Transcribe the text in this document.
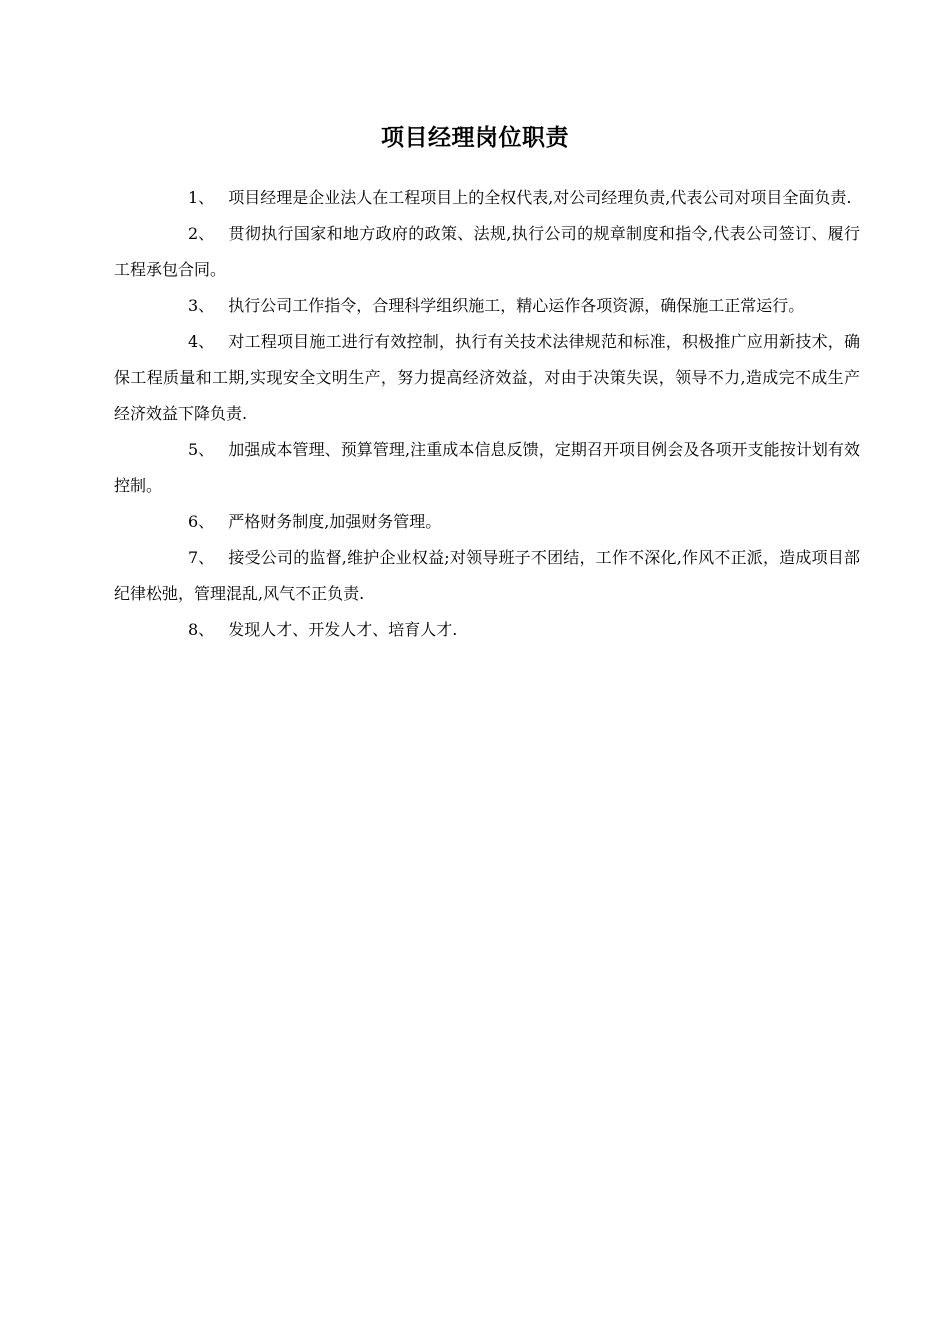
项目经理岗位职责

1、 项目经理是企业法人在工程项目上的全权代表,对公司经理负责,代表公司对项目全面负责.

2、 贯彻执行国家和地方政府的政策、法规,执行公司的规章制度和指令,代表公司签订、履行工程承包合同。

3、 执行公司工作指令，合理科学组织施工，精心运作各项资源，确保施工正常运行。

4、 对工程项目施工进行有效控制，执行有关技术法律规范和标准，积极推广应用新技术，确保工程质量和工期,实现安全文明生产，努力提高经济效益，对由于决策失误，领导不力,造成完不成生产经济效益下降负责.

5、 加强成本管理、预算管理,注重成本信息反馈，定期召开项目例会及各项开支能按计划有效控制。

6、 严格财务制度,加强财务管理。

7、 接受公司的监督,维护企业权益;对领导班子不团结，工作不深化,作风不正派，造成项目部纪律松弛，管理混乱,风气不正负责.

8、 发现人才、开发人才、培育人才.
